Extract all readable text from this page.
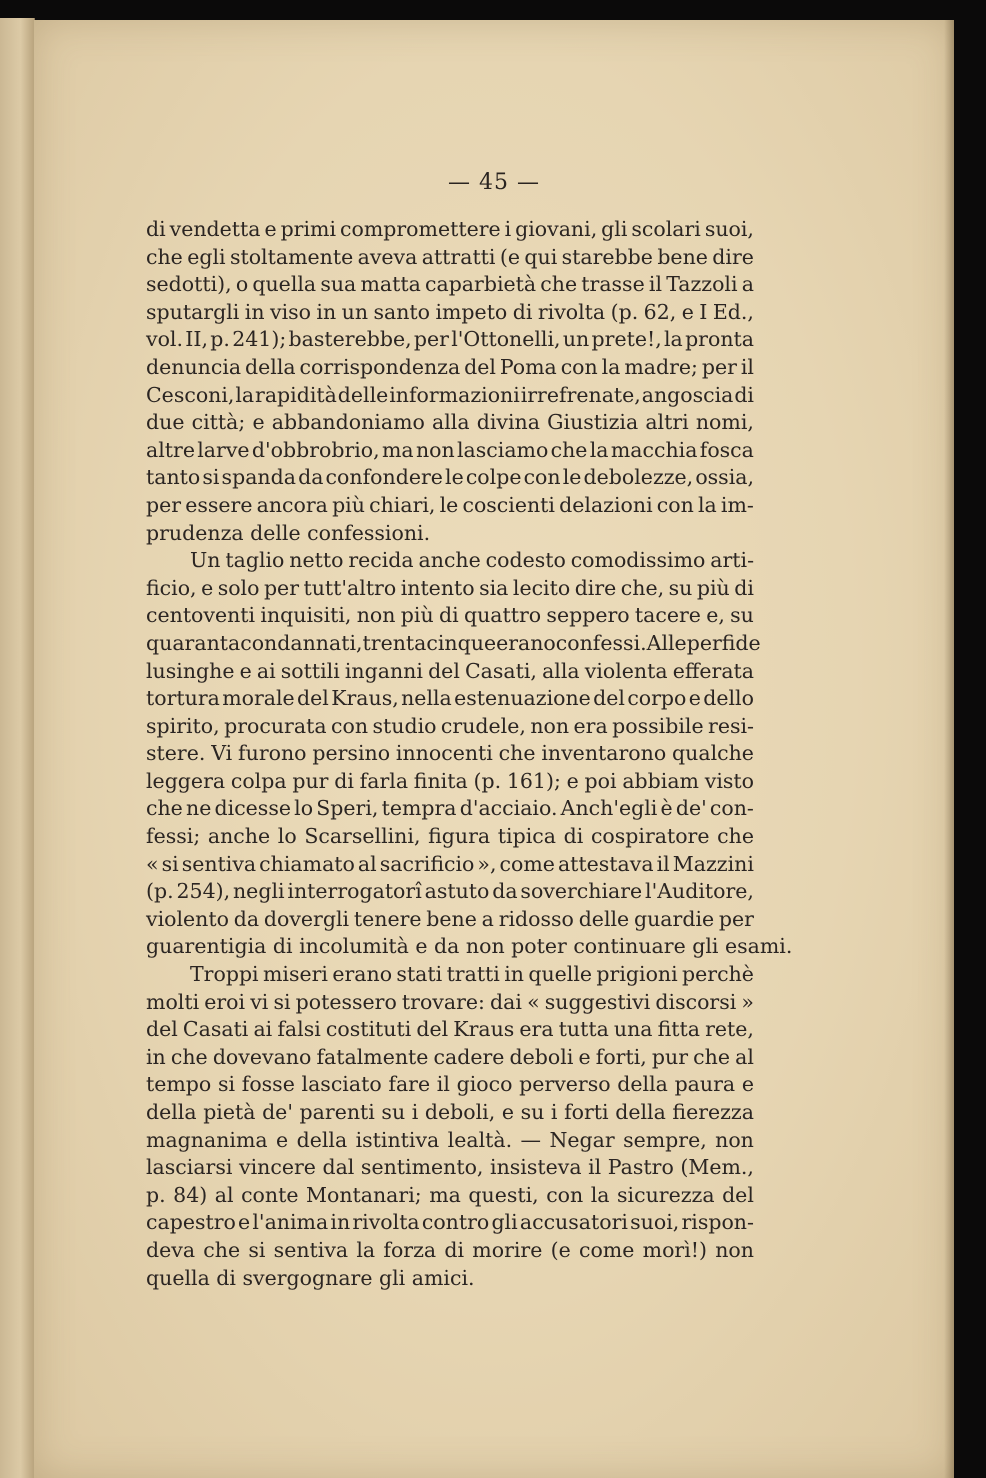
— 45 —
di vendetta e primi compromettere i giovani, gli scolari suoi,
che egli stoltamente aveva attratti (e qui starebbe bene dire
sedotti), o quella sua matta caparbietà che trasse il Tazzoli a
sputargli in viso in un santo impeto di rivolta (p. 62, e I Ed.,
vol. II, p. 241); basterebbe, per l'Ottonelli, un prete!, la pronta
denuncia della corrispondenza del Poma con la madre; per il
Cesconi, la rapidità delle informazioni irrefrenate, angoscia di
due città; e abbandoniamo alla divina Giustizia altri nomi,
altre larve d'obbrobrio, ma non lasciamo che la macchia fosca
tanto si spanda da confondere le colpe con le debolezze, ossia,
per essere ancora più chiari, le coscienti delazioni con la im-
prudenza delle confessioni.
Un taglio netto recida anche codesto comodissimo arti-
ficio, e solo per tutt'altro intento sia lecito dire che, su più di
centoventi inquisiti, non più di quattro seppero tacere e, su
quaranta condannati, trentacinque erano confessi. Alle perfide
lusinghe e ai sottili inganni del Casati, alla violenta efferata
tortura morale del Kraus, nella estenuazione del corpo e dello
spirito, procurata con studio crudele, non era possibile resi-
stere. Vi furono persino innocenti che inventarono qualche
leggera colpa pur di farla finita (p. 161); e poi abbiam visto
che ne dicesse lo Speri, tempra d'acciaio. Anch'egli è de' con-
fessi; anche lo Scarsellini, figura tipica di cospiratore che
« si sentiva chiamato al sacrificio », come attestava il Mazzini
(p. 254), negli interrogatorî astuto da soverchiare l'Auditore,
violento da dovergli tenere bene a ridosso delle guardie per
guarentigia di incolumità e da non poter continuare gli esami.
Troppi miseri erano stati tratti in quelle prigioni perchè
molti eroi vi si potessero trovare: dai « suggestivi discorsi »
del Casati ai falsi costituti del Kraus era tutta una fitta rete,
in che dovevano fatalmente cadere deboli e forti, pur che al
tempo si fosse lasciato fare il gioco perverso della paura e
della pietà de' parenti su i deboli, e su i forti della fierezza
magnanima e della istintiva lealtà. — Negar sempre, non
lasciarsi vincere dal sentimento, insisteva il Pastro (Mem.,
p. 84) al conte Montanari; ma questi, con la sicurezza del
capestro e l'anima in rivolta contro gli accusatori suoi, rispon-
deva che si sentiva la forza di morire (e come morì!) non
quella di svergognare gli amici.
